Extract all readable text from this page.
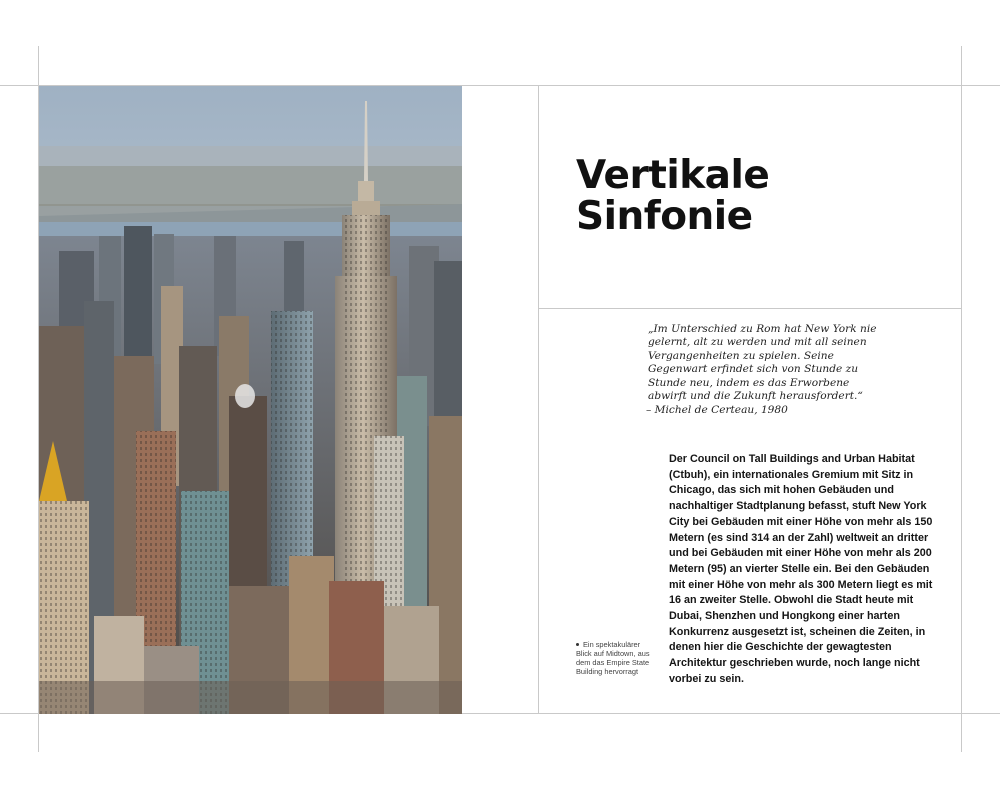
Vertikale Sinfonie

„Im Unterschied zu Rom hat New York nie gelernt, alt zu werden und mit all seinen Vergangenheiten zu spielen. Seine Gegenwart erfindet sich von Stunde zu Stunde neu, indem es das Erworbene abwirft und die Zukunft herausfordert.“

– Michel de Certeau, 1980

Der Council on Tall Buildings and Urban Habitat (Ctbuh), ein internationales Gremium mit Sitz in Chicago, das sich mit hohen Gebäuden und nachhaltiger Stadtplanung befasst, stuft New York City bei Gebäuden mit einer Höhe von mehr als 150 Metern (es sind 314 an der Zahl) weltweit an dritter und bei Gebäuden mit einer Höhe von mehr als 200 Metern (95) an vierter Stelle ein. Bei den Gebäuden mit einer Höhe von mehr als 300 Metern liegt es mit 16 an zweiter Stelle. Obwohl die Stadt heute mit Dubai, Shenzhen und Hongkong einer harten Konkurrenz ausgesetzt ist, scheinen die Zeiten, in denen hier die Geschichte der gewagtesten Architektur geschrieben wurde, noch lange nicht vorbei zu sein.

Ein spektakulärer Blick auf Midtown, aus dem das Empire State Building hervorragt
